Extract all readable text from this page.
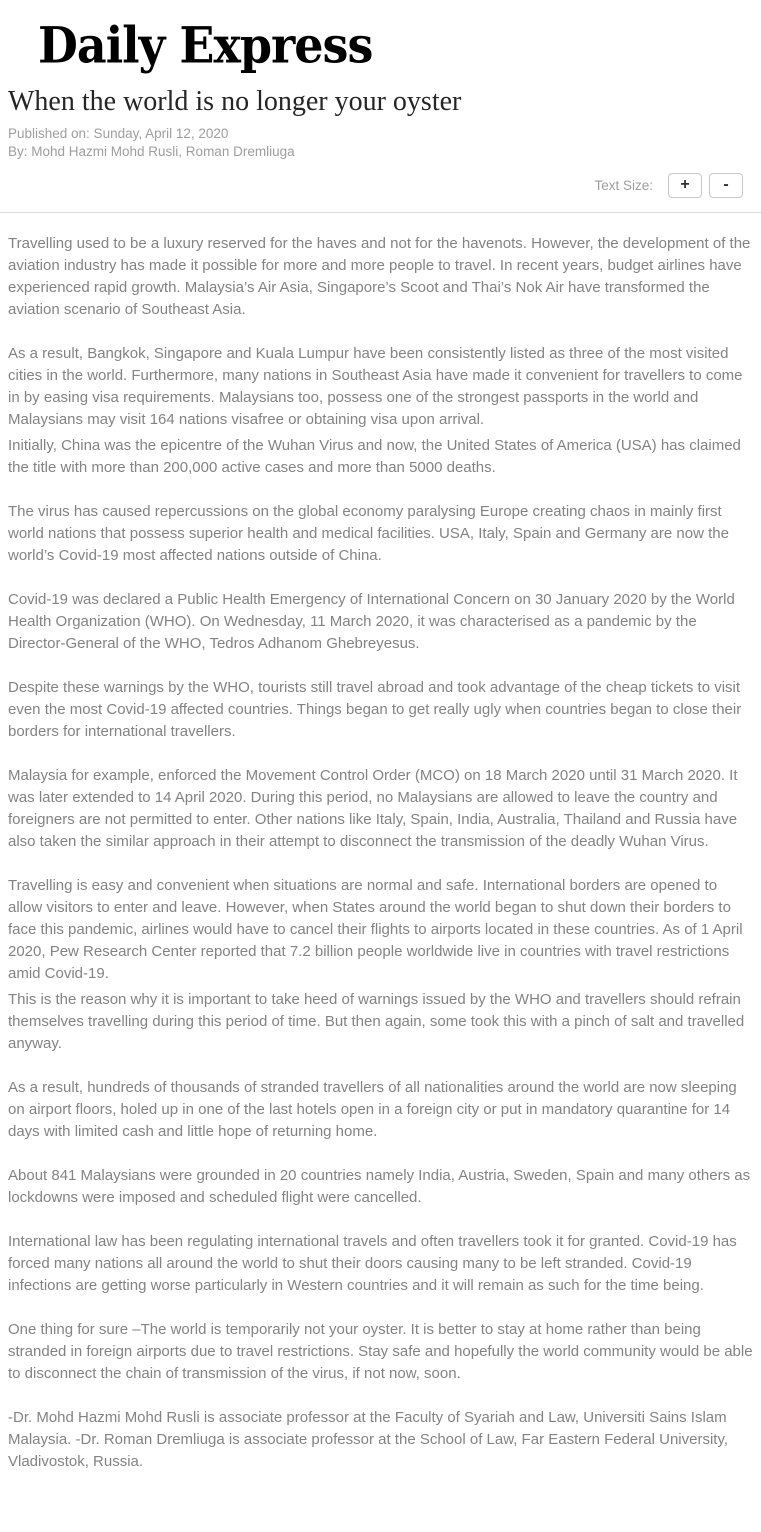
Daily Express
When the world is no longer your oyster

Published on: Sunday, April 12, 2020

By: Mohd Hazmi Mohd Rusli, Roman Dremliuga

Text Size:	+	-

Travelling used to be a luxury reserved for the haves and not for the havenots. However, the development of the aviation industry has made it possible for more and more people to travel. In recent years, budget airlines have experienced rapid growth. Malaysia’s Air Asia, Singapore’s Scoot and Thai’s Nok Air have transformed the aviation scenario of Southeast Asia.

As a result, Bangkok, Singapore and Kuala Lumpur have been consistently listed as three of the most visited cities in the world. Furthermore, many nations in Southeast Asia have made it convenient for travellers to come in by easing visa requirements. Malaysians too, possess one of the strongest passports in the world and Malaysians may visit 164 nations visafree or obtaining visa upon arrival.

Initially, China was the epicentre of the Wuhan Virus and now, the United States of America (USA) has claimed the title with more than 200,000 active cases and more than 5000 deaths.

The virus has caused repercussions on the global economy paralysing Europe creating chaos in mainly first world nations that possess superior health and medical facilities. USA, Italy, Spain and Germany are now the world’s Covid-19 most affected nations outside of China.

Covid-19 was declared a Public Health Emergency of International Concern on 30 January 2020 by the World Health Organization (WHO). On Wednesday, 11 March 2020, it was characterised as a pandemic by the Director-General of the WHO, Tedros Adhanom Ghebreyesus.

Despite these warnings by the WHO, tourists still travel abroad and took advantage of the cheap tickets to visit even the most Covid-19 affected countries. Things began to get really ugly when countries began to close their borders for international travellers.

Malaysia for example, enforced the Movement Control Order (MCO) on 18 March 2020 until 31 March 2020. It was later extended to 14 April 2020. During this period, no Malaysians are allowed to leave the country and foreigners are not permitted to enter. Other nations like Italy, Spain, India, Australia, Thailand and Russia have also taken the similar approach in their attempt to disconnect the transmission of the deadly Wuhan Virus.

Travelling is easy and convenient when situations are normal and safe. International borders are opened to allow visitors to enter and leave. However, when States around the world began to shut down their borders to face this pandemic, airlines would have to cancel their flights to airports located in these countries. As of 1 April 2020, Pew Research Center reported that 7.2 billion people worldwide live in countries with travel restrictions amid Covid-19.

This is the reason why it is important to take heed of warnings issued by the WHO and travellers should refrain themselves travelling during this period of time. But then again, some took this with a pinch of salt and travelled anyway.

As a result, hundreds of thousands of stranded travellers of all nationalities around the world are now sleeping on airport floors, holed up in one of the last hotels open in a foreign city or put in mandatory quarantine for 14 days with limited cash and little hope of returning home.

About 841 Malaysians were grounded in 20 countries namely India, Austria, Sweden, Spain and many others as lockdowns were imposed and scheduled flight were cancelled.

International law has been regulating international travels and often travellers took it for granted. Covid-19 has forced many nations all around the world to shut their doors causing many to be left stranded. Covid-19 infections are getting worse particularly in Western countries and it will remain as such for the time being.

One thing for sure –The world is temporarily not your oyster. It is better to stay at home rather than being stranded in foreign airports due to travel restrictions. Stay safe and hopefully the world community would be able to disconnect the chain of transmission of the virus, if not now, soon.

-Dr. Mohd Hazmi Mohd Rusli is associate professor at the Faculty of Syariah and Law, Universiti Sains Islam Malaysia. -Dr. Roman Dremliuga is associate professor at the School of Law, Far Eastern Federal University, Vladivostok, Russia.
